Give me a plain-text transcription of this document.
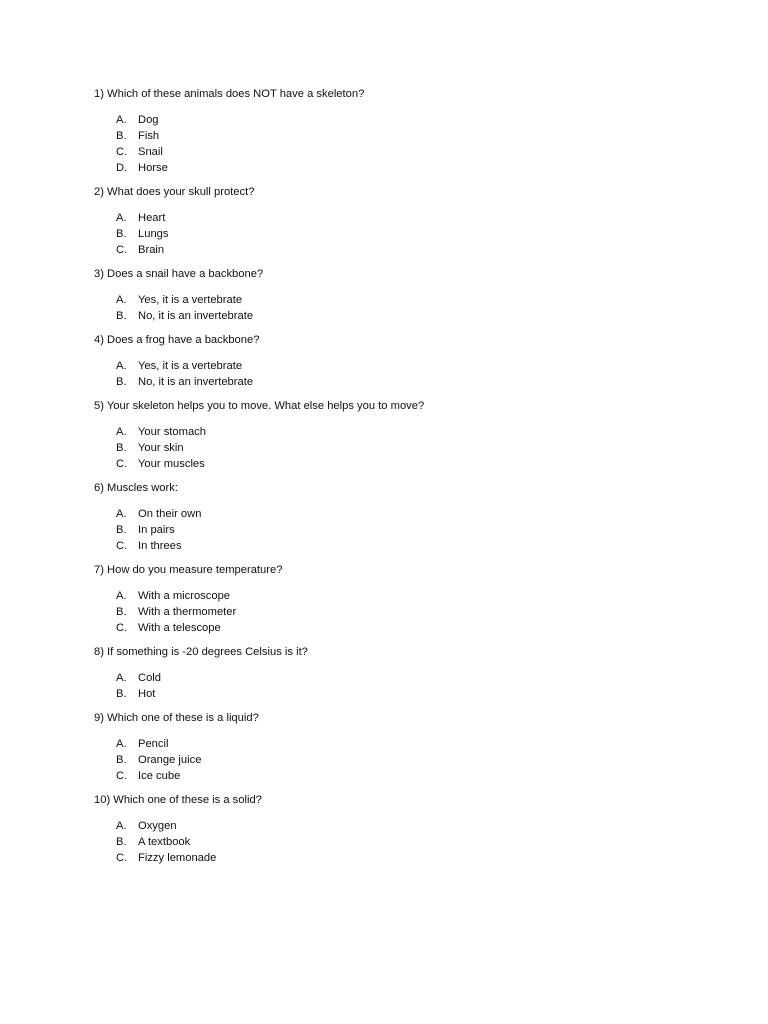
1) Which of these animals does NOT have a skeleton?
A.	Dog
B.	Fish
C. Snail
D. Horse
2) What does your skull protect?
A.	Heart
B.	Lungs
C. Brain
3) Does a snail have a backbone?
A.	Yes, it is a vertebrate
B.	No, it is an invertebrate
4) Does a frog have a backbone?
A.	Yes, it is a vertebrate
B.	No, it is an invertebrate
5) Your skeleton helps you to move. What else helps you to move?
A.	Your stomach
B.	Your skin
C. Your muscles
6) Muscles work:
A.	On their own
B.	In pairs
C. In threes
7) How do you measure temperature?
A.	With a microscope
B.	With a thermometer
C. With a telescope
8) If something is -20 degrees Celsius is it?
A.	Cold
B.	Hot
9) Which one of these is a liquid?
A.	Pencil
B.	Orange juice
C. Ice cube
10) Which one of these is a solid?
A.	Oxygen
B.	A textbook
C. Fizzy lemonade
